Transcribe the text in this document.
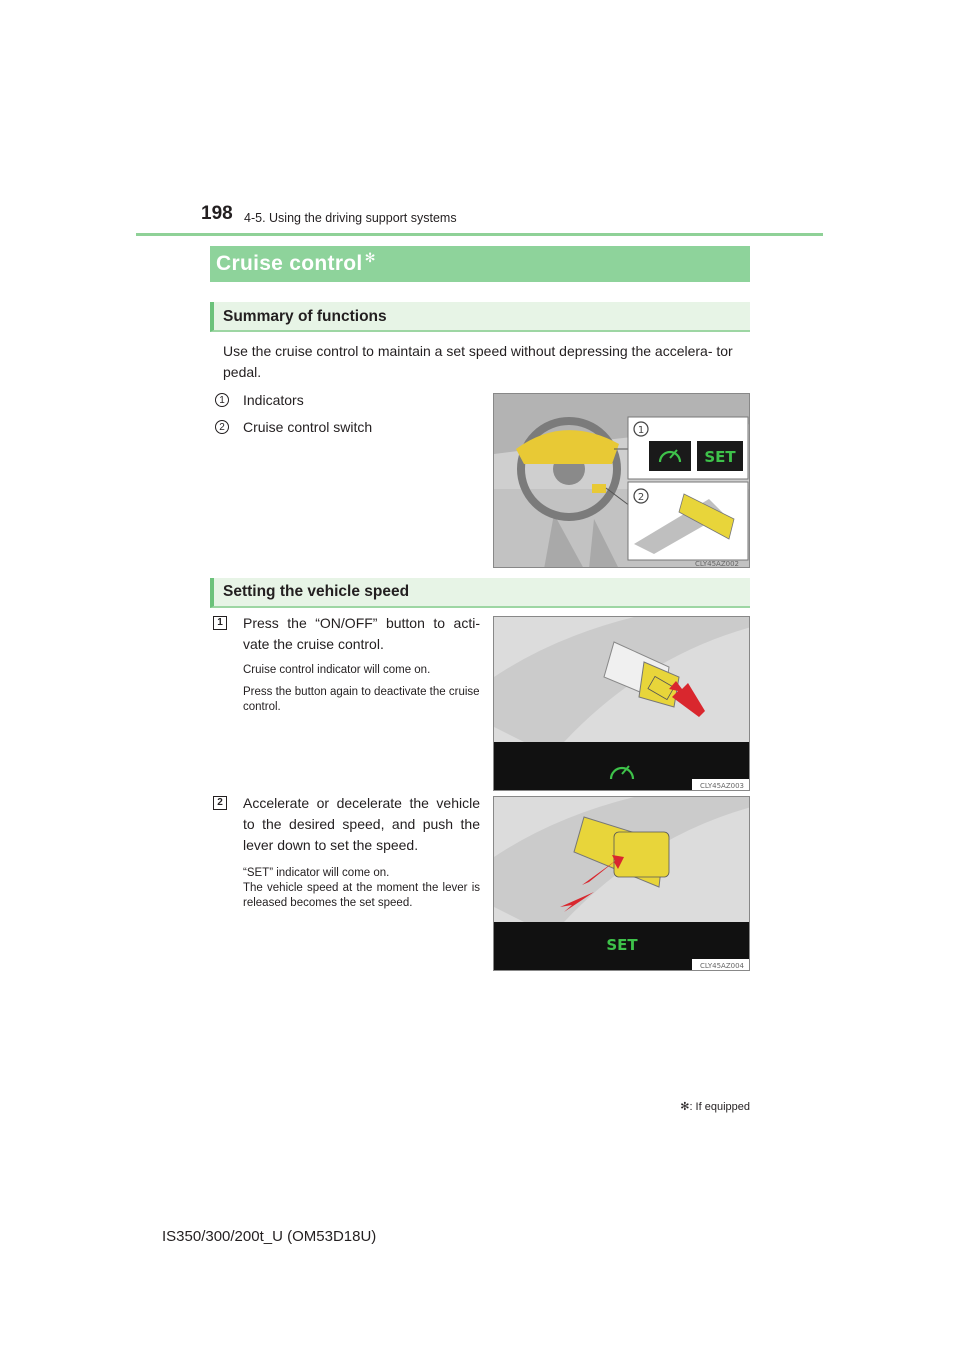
198 4-5. Using the driving support systems
Cruise control ✻
Summary of functions
Use the cruise control to maintain a set speed without depressing the accelera- tor pedal.
1	Indicators
2	Cruise control switch	1
SET
2
CLY45AZ002
Setting the vehicle speed
1	Press the “ON/OFF” button to acti- vate the cruise control.
Cruise control indicator will come on.
Press the button again to deactivate the cruise control.
CLY45AZ003
2	Accelerate or decelerate the vehicle to the desired speed, and push the lever down to set the speed.
“SET” indicator will come on.
The vehicle speed at the moment the lever is released becomes the set speed.
SET
CLY45AZ004
✻: If equipped
IS350/300/200t_U (OM53D18U)
